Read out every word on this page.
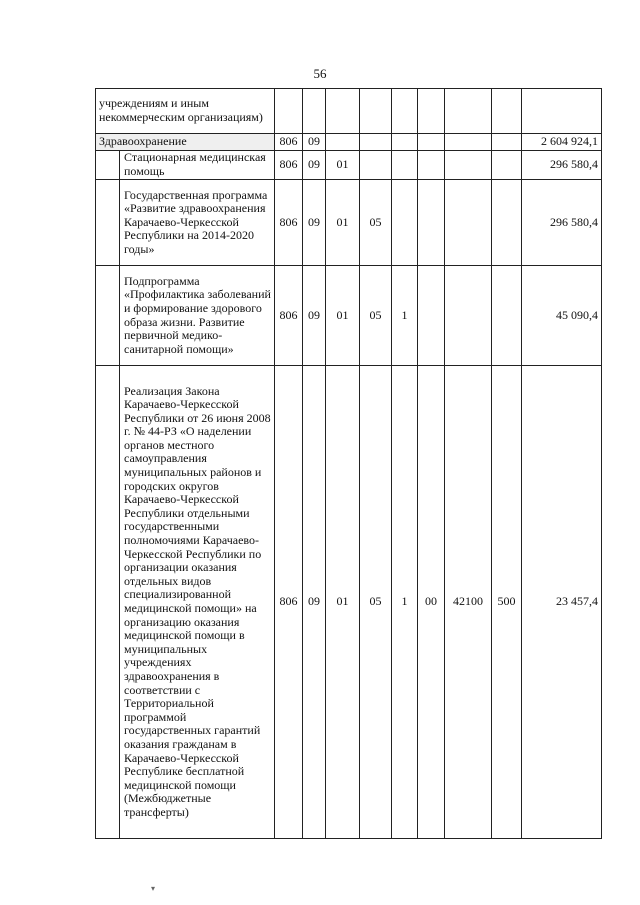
56
учреждениям и иным некоммерческим организациям)										
Здравоохранение		806	09							2 604 924,1
	Стационарная медицинская помощь	806	09	01						296 580,4
	Государственная программа «Развитие здравоохранения Карачаево-Черкесской Республики на 2014-2020 годы»	806	09	01	05					296 580,4
	Подпрограмма «Профилактика заболеваний и формирование здорового образа жизни. Развитие первичной медико-санитарной помощи»	806	09	01	05	1				45 090,4
	Реализация Закона Карачаево-Черкесской Республики от 26 июня 2008 г. № 44-РЗ «О наделении органов местного самоуправления муниципальных районов и городских округов Карачаево-Черкесской Республики отдельными государственными полномочиями Карачаево-Черкесской Республики по организации оказания отдельных видов специализированной медицинской помощи» на организацию оказания медицинской помощи в муниципальных учреждениях здравоохранения в соответствии с Территориальной программой государственных гарантий оказания гражданам в Карачаево-Черкесской Республике бесплатной медицинской помощи (Межбюджетные трансферты)	806	09	01	05	1	00	42100	500	23 457,4
▾
